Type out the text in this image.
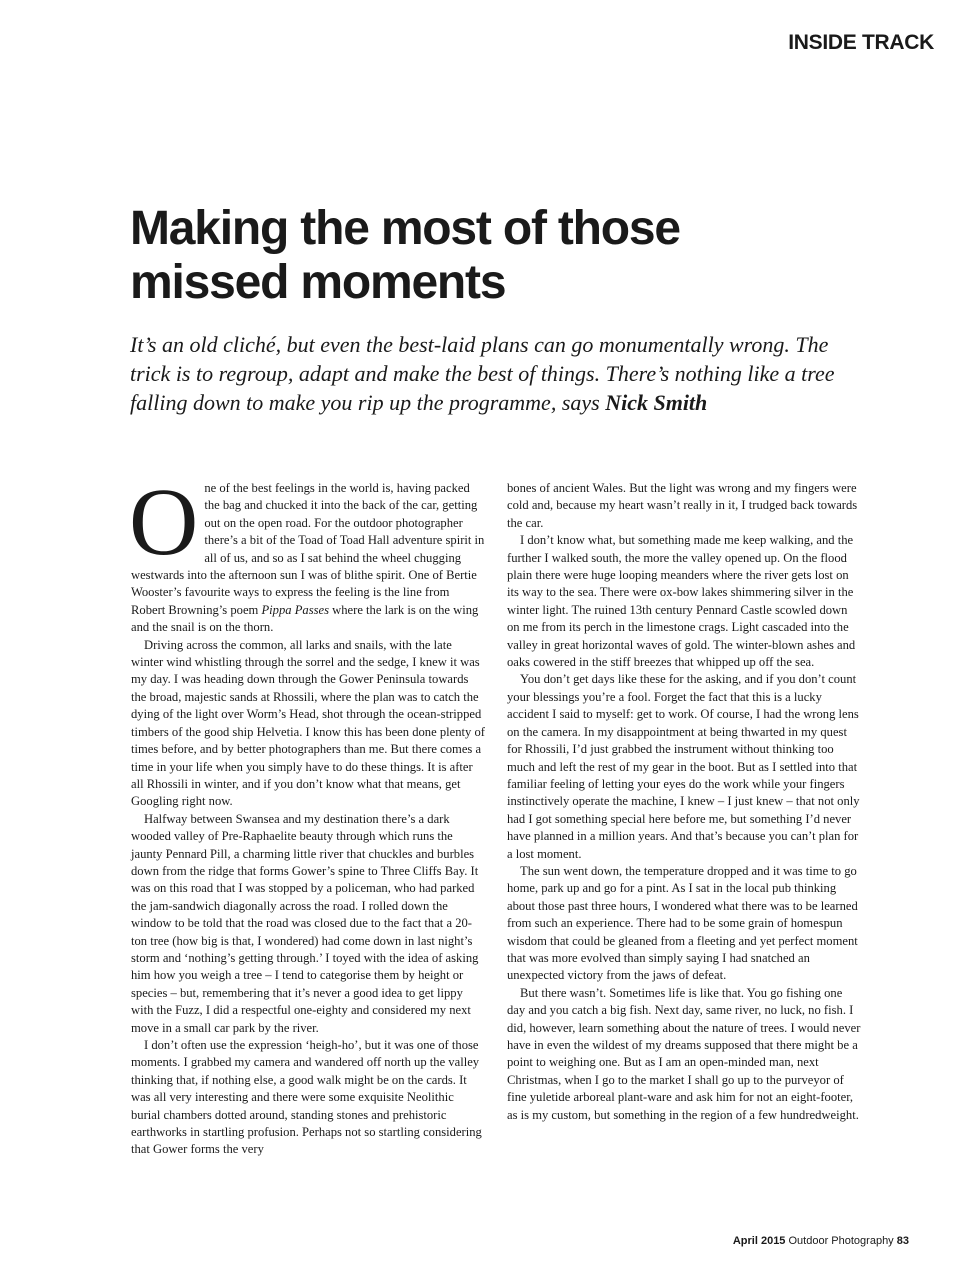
INSIDE TRACK
Making the most of those missed moments

It’s an old cliché, but even the best-laid plans can go monumentally wrong. The trick is to regroup, adapt and make the best of things. There’s nothing like a tree falling down to make you rip up the programme, says Nick Smith

One of the best feelings in the world is, having packed the bag and chucked it into the back of the car, getting out on the open road. For the outdoor photographer there’s a bit of the Toad of Toad Hall adventure spirit in all of us, and so as I sat behind the wheel chugging westwards into the afternoon sun I was of blithe spirit. One of Bertie Wooster’s favourite ways to express the feeling is the line from Robert Browning’s poem Pippa Passes where the lark is on the wing and the snail is on the thorn.

Driving across the common, all larks and snails, with the late winter wind whistling through the sorrel and the sedge, I knew it was my day. I was heading down through the Gower Peninsula towards the broad, majestic sands at Rhossili, where the plan was to catch the dying of the light over Worm’s Head, shot through the ocean-stripped timbers of the good ship Helvetia. I know this has been done plenty of times before, and by better photographers than me. But there comes a time in your life when you simply have to do these things. It is after all Rhossili in winter, and if you don’t know what that means, get Googling right now.

Halfway between Swansea and my destination there’s a dark wooded valley of Pre-Raphaelite beauty through which runs the jaunty Pennard Pill, a charming little river that chuckles and burbles down from the ridge that forms Gower’s spine to Three Cliffs Bay. It was on this road that I was stopped by a policeman, who had parked the jam-sandwich diagonally across the road. I rolled down the window to be told that the road was closed due to the fact that a 20-ton tree (how big is that, I wondered) had come down in last night’s storm and ‘nothing’s getting through.’ I toyed with the idea of asking him how you weigh a tree – I tend to categorise them by height or species – but, remembering that it’s never a good idea to get lippy with the Fuzz, I did a respectful one-eighty and considered my next move in a small car park by the river.

I don’t often use the expression ‘heigh-ho’, but it was one of those moments. I grabbed my camera and wandered off north up the valley thinking that, if nothing else, a good walk might be on the cards. It was all very interesting and there were some exquisite Neolithic burial chambers dotted around, standing stones and prehistoric earthworks in startling profusion. Perhaps not so startling considering that Gower forms the very

bones of ancient Wales. But the light was wrong and my fingers were cold and, because my heart wasn’t really in it, I trudged back towards the car.

I don’t know what, but something made me keep walking, and the further I walked south, the more the valley opened up. On the flood plain there were huge looping meanders where the river gets lost on its way to the sea. There were ox-bow lakes shimmering silver in the winter light. The ruined 13th century Pennard Castle scowled down on me from its perch in the limestone crags. Light cascaded into the valley in great horizontal waves of gold. The winter-blown ashes and oaks cowered in the stiff breezes that whipped up off the sea.

You don’t get days like these for the asking, and if you don’t count your blessings you’re a fool. Forget the fact that this is a lucky accident I said to myself: get to work. Of course, I had the wrong lens on the camera. In my disappointment at being thwarted in my quest for Rhossili, I’d just grabbed the instrument without thinking too much and left the rest of my gear in the boot. But as I settled into that familiar feeling of letting your eyes do the work while your fingers instinctively operate the machine, I knew – I just knew – that not only had I got something special here before me, but something I’d never have planned in a million years. And that’s because you can’t plan for a lost moment.

The sun went down, the temperature dropped and it was time to go home, park up and go for a pint. As I sat in the local pub thinking about those past three hours, I wondered what there was to be learned from such an experience. There had to be some grain of homespun wisdom that could be gleaned from a fleeting and yet perfect moment that was more evolved than simply saying I had snatched an unexpected victory from the jaws of defeat.

But there wasn’t. Sometimes life is like that. You go fishing one day and you catch a big fish. Next day, same river, no luck, no fish. I did, however, learn something about the nature of trees. I would never have in even the wildest of my dreams supposed that there might be a point to weighing one. But as I am an open-minded man, next Christmas, when I go to the market I shall go up to the purveyor of fine yuletide arboreal plant-ware and ask him for not an eight-footer, as is my custom, but something in the region of a few hundredweight.

April 2015 Outdoor Photography 83
